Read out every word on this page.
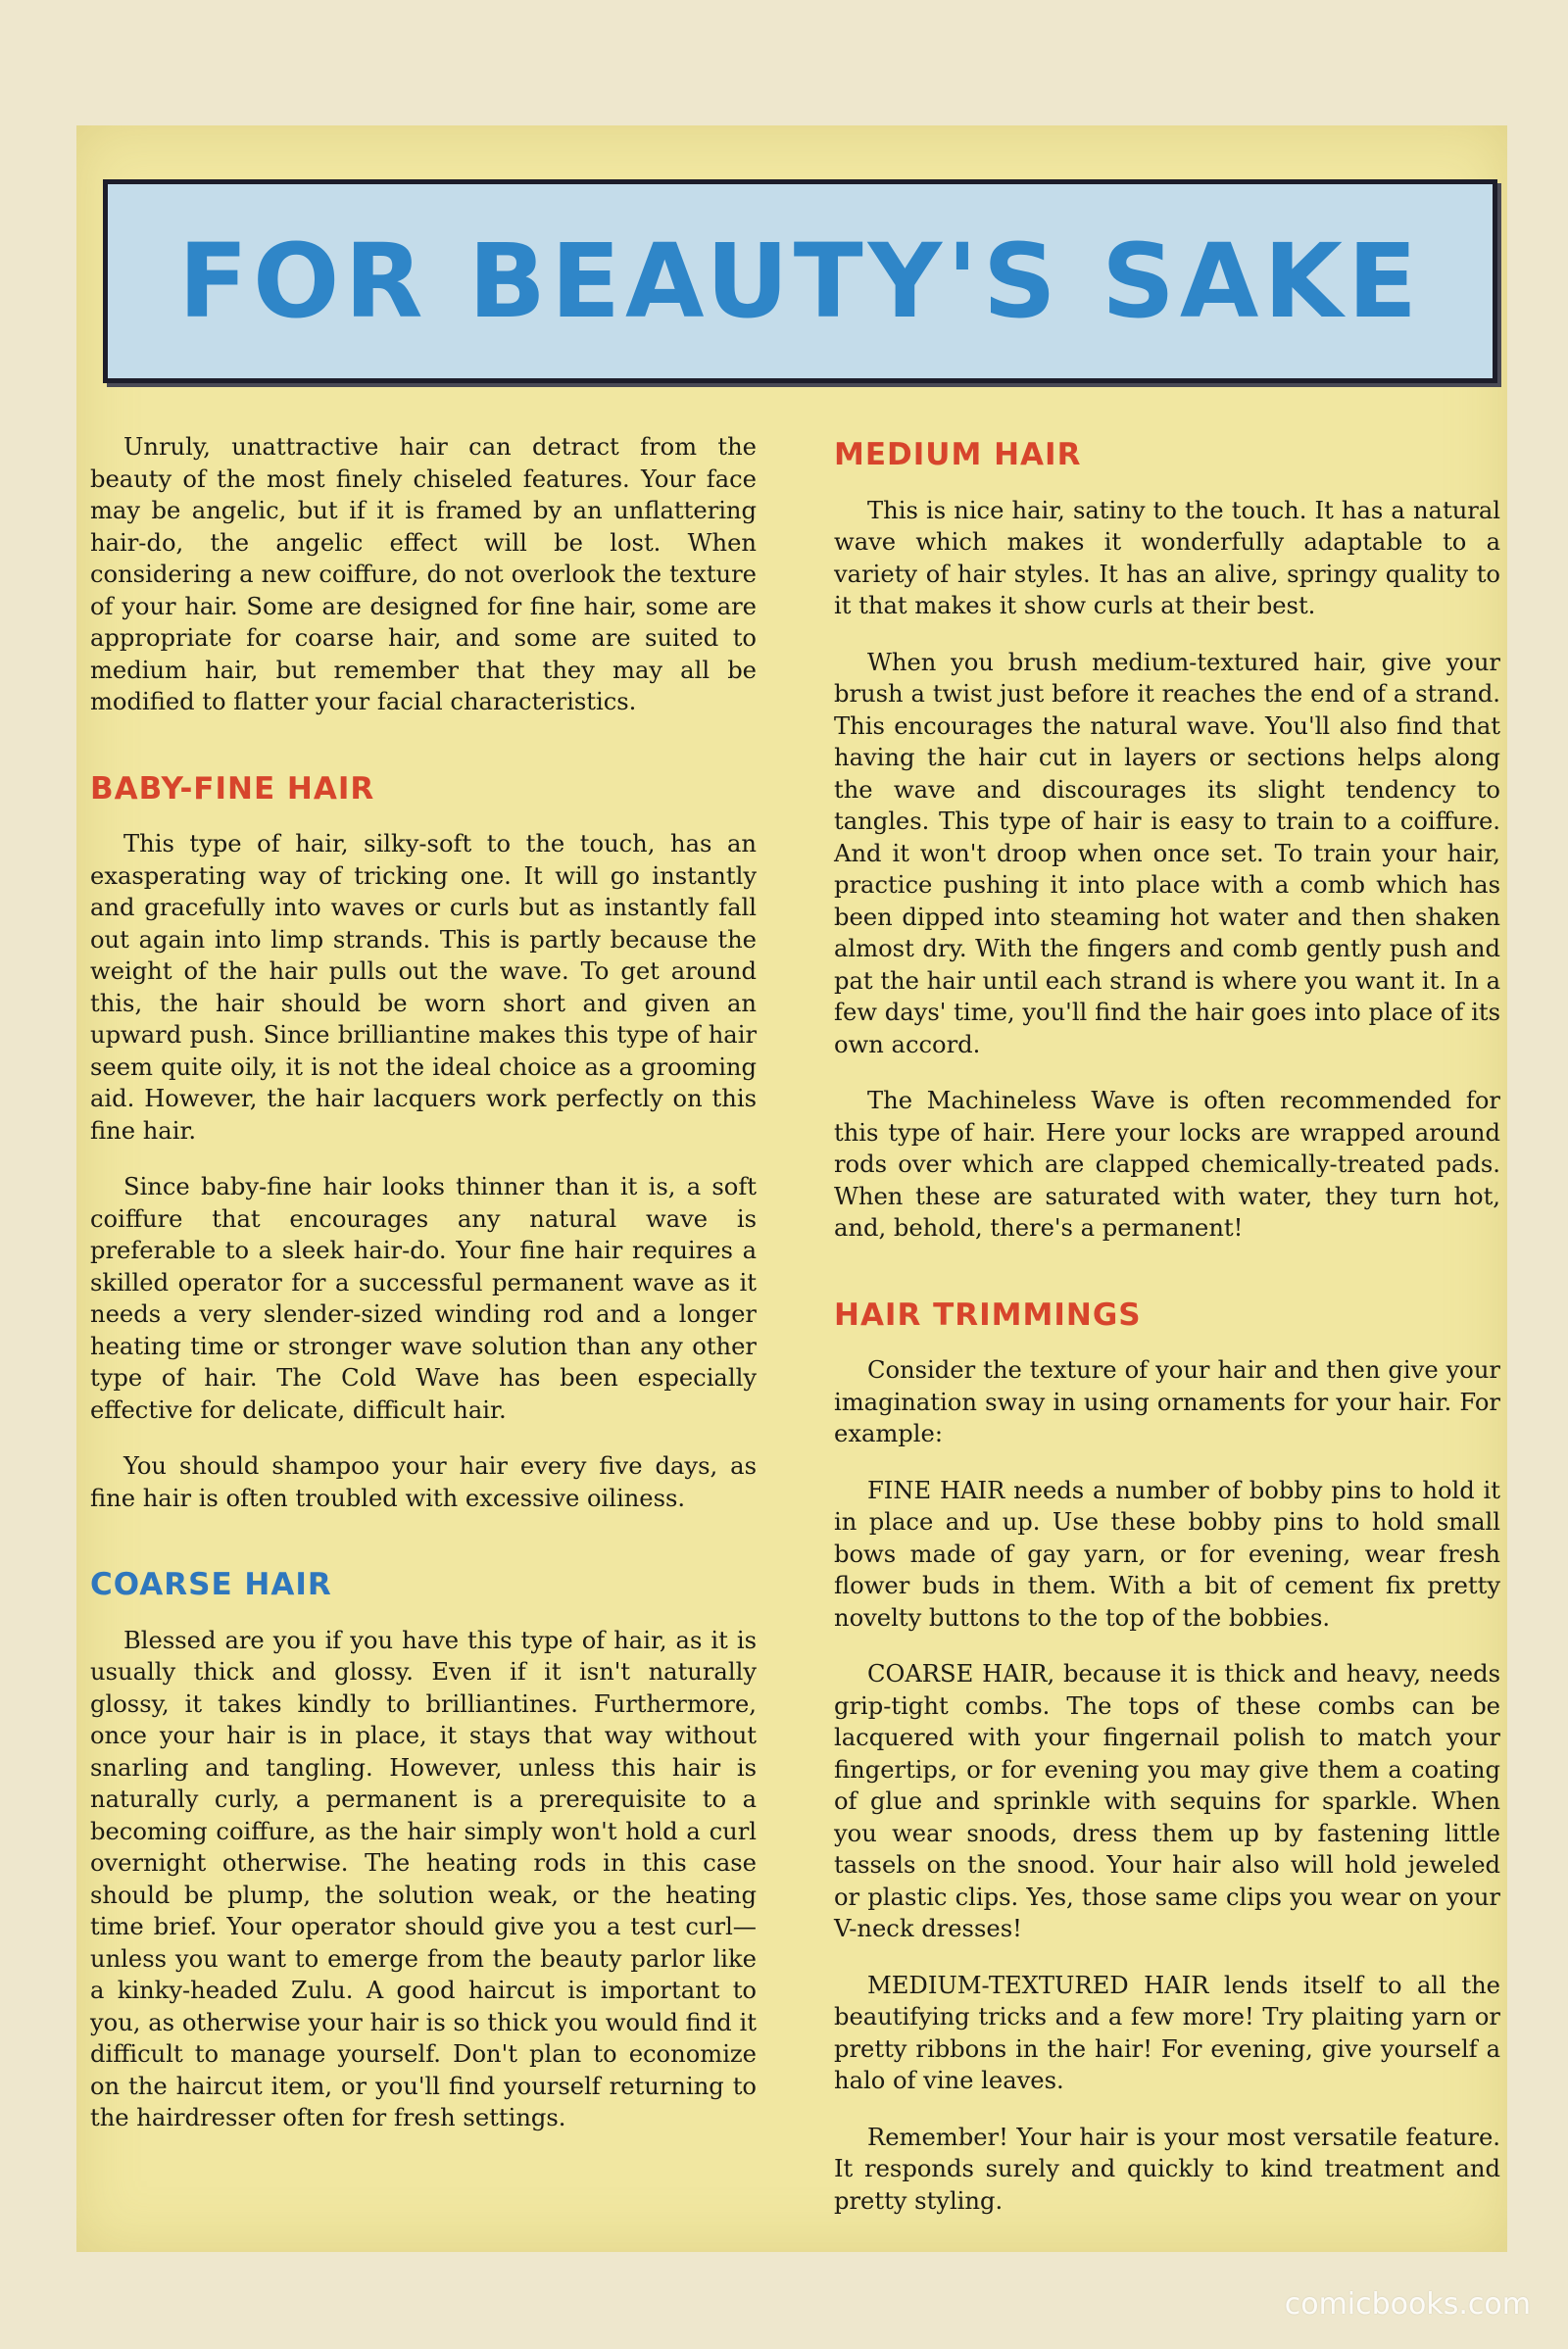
FOR BEAUTY'S SAKE

Unruly, unattractive hair can detract from the beauty of the most finely chiseled features. Your face may be angelic, but if it is framed by an unflattering hair-do, the angelic effect will be lost. When considering a new coiffure, do not overlook the texture of your hair. Some are designed for fine hair, some are appropriate for coarse hair, and some are suited to medium hair, but remember that they may all be modified to flatter your facial characteristics.

BABY-FINE HAIR

This type of hair, silky-soft to the touch, has an exasperating way of tricking one. It will go instantly and gracefully into waves or curls but as instantly fall out again into limp strands. This is partly because the weight of the hair pulls out the wave. To get around this, the hair should be worn short and given an upward push. Since brilliantine makes this type of hair seem quite oily, it is not the ideal choice as a grooming aid. However, the hair lacquers work perfectly on this fine hair.

Since baby-fine hair looks thinner than it is, a soft coiffure that encourages any natural wave is preferable to a sleek hair-do. Your fine hair requires a skilled operator for a successful permanent wave as it needs a very slender-sized winding rod and a longer heating time or stronger wave solution than any other type of hair. The Cold Wave has been especially effective for delicate, difficult hair.

You should shampoo your hair every five days, as fine hair is often troubled with excessive oiliness.

COARSE HAIR

Blessed are you if you have this type of hair, as it is usually thick and glossy. Even if it isn't naturally glossy, it takes kindly to brilliantines. Furthermore, once your hair is in place, it stays that way without snarling and tangling. However, unless this hair is naturally curly, a permanent is a prerequisite to a becoming coiffure, as the hair simply won't hold a curl overnight otherwise. The heating rods in this case should be plump, the solution weak, or the heating time brief. Your operator should give you a test curl—unless you want to emerge from the beauty parlor like a kinky-headed Zulu. A good haircut is important to you, as otherwise your hair is so thick you would find it difficult to manage yourself. Don't plan to economize on the haircut item, or you'll find yourself returning to the hairdresser often for fresh settings.

MEDIUM HAIR

This is nice hair, satiny to the touch. It has a natural wave which makes it wonderfully adaptable to a variety of hair styles. It has an alive, springy quality to it that makes it show curls at their best.

When you brush medium-textured hair, give your brush a twist just before it reaches the end of a strand. This encourages the natural wave. You'll also find that having the hair cut in layers or sections helps along the wave and discourages its slight tendency to tangles. This type of hair is easy to train to a coiffure. And it won't droop when once set. To train your hair, practice pushing it into place with a comb which has been dipped into steaming hot water and then shaken almost dry. With the fingers and comb gently push and pat the hair until each strand is where you want it. In a few days' time, you'll find the hair goes into place of its own accord.

The Machineless Wave is often recommended for this type of hair. Here your locks are wrapped around rods over which are clapped chemically-treated pads. When these are saturated with water, they turn hot, and, behold, there's a permanent!

HAIR TRIMMINGS

Consider the texture of your hair and then give your imagination sway in using ornaments for your hair. For example:

FINE HAIR needs a number of bobby pins to hold it in place and up. Use these bobby pins to hold small bows made of gay yarn, or for evening, wear fresh flower buds in them. With a bit of cement fix pretty novelty buttons to the top of the bobbies.

COARSE HAIR, because it is thick and heavy, needs grip-tight combs. The tops of these combs can be lacquered with your fingernail polish to match your fingertips, or for evening you may give them a coating of glue and sprinkle with sequins for sparkle. When you wear snoods, dress them up by fastening little tassels on the snood. Your hair also will hold jeweled or plastic clips. Yes, those same clips you wear on your V-neck dresses!

MEDIUM-TEXTURED HAIR lends itself to all the beautifying tricks and a few more! Try plaiting yarn or pretty ribbons in the hair! For evening, give yourself a halo of vine leaves.

Remember! Your hair is your most versatile feature. It responds surely and quickly to kind treatment and pretty styling.

comicbooks.com
